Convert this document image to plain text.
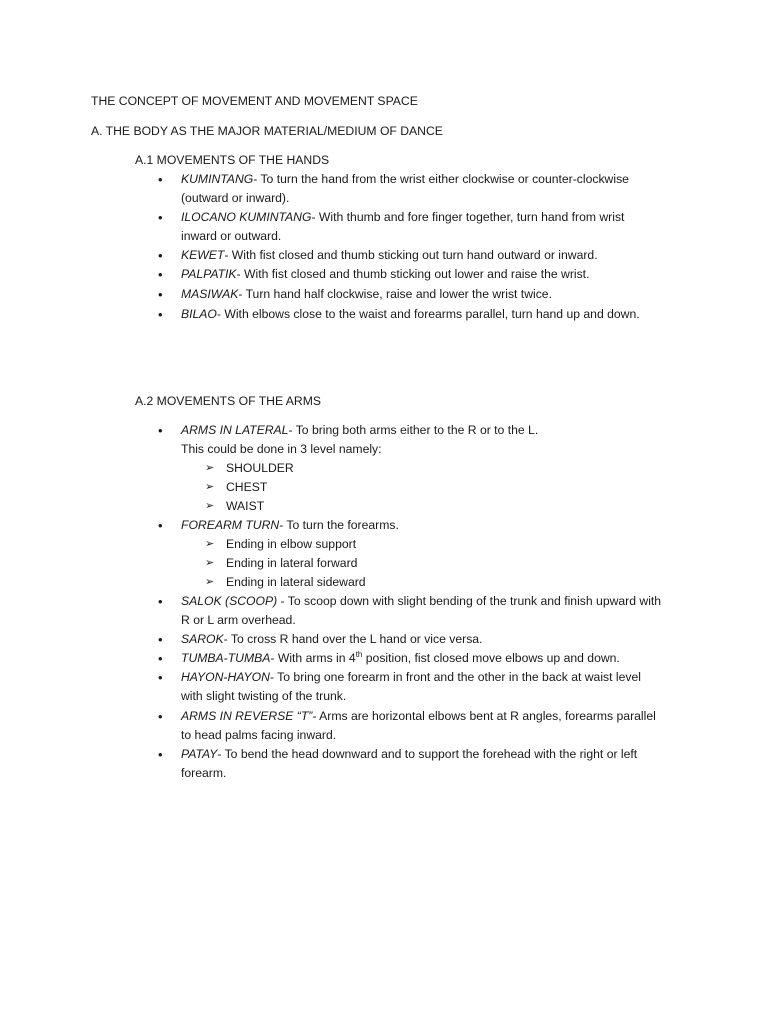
THE CONCEPT OF MOVEMENT AND MOVEMENT SPACE
A. THE BODY AS THE MAJOR MATERIAL/MEDIUM OF DANCE
A.1 MOVEMENTS OF THE HANDS
• KUMINTANG- To turn the hand from the wrist either clockwise or counter-clockwise
(outward or inward).
• ILOCANO KUMINTANG- With thumb and fore finger together, turn hand from wrist
inward or outward.
• KEWET- With fist closed and thumb sticking out turn hand outward or inward.
• PALPATIK- With fist closed and thumb sticking out lower and raise the wrist.
• MASIWAK- Turn hand half clockwise, raise and lower the wrist twice.
• BILAO- With elbows close to the waist and forearms parallel, turn hand up and down.
A.2 MOVEMENTS OF THE ARMS
• ARMS IN LATERAL- To bring both arms either to the R or to the L.
This could be done in 3 level namely:
➢ SHOULDER
➢ CHEST
➢ WAIST
• FOREARM TURN- To turn the forearms.
➢ Ending in elbow support
➢ Ending in lateral forward
➢ Ending in lateral sideward
• SALOK (SCOOP) - To scoop down with slight bending of the trunk and finish upward with
R or L arm overhead.
• SAROK- To cross R hand over the L hand or vice versa.
• TUMBA-TUMBA- With arms in 4th position, fist closed move elbows up and down.
• HAYON-HAYON- To bring one forearm in front and the other in the back at waist level
with slight twisting of the trunk.
• ARMS IN REVERSE “T”- Arms are horizontal elbows bent at R angles, forearms parallel
to head palms facing inward.
• PATAY- To bend the head downward and to support the forehead with the right or left
forearm.
